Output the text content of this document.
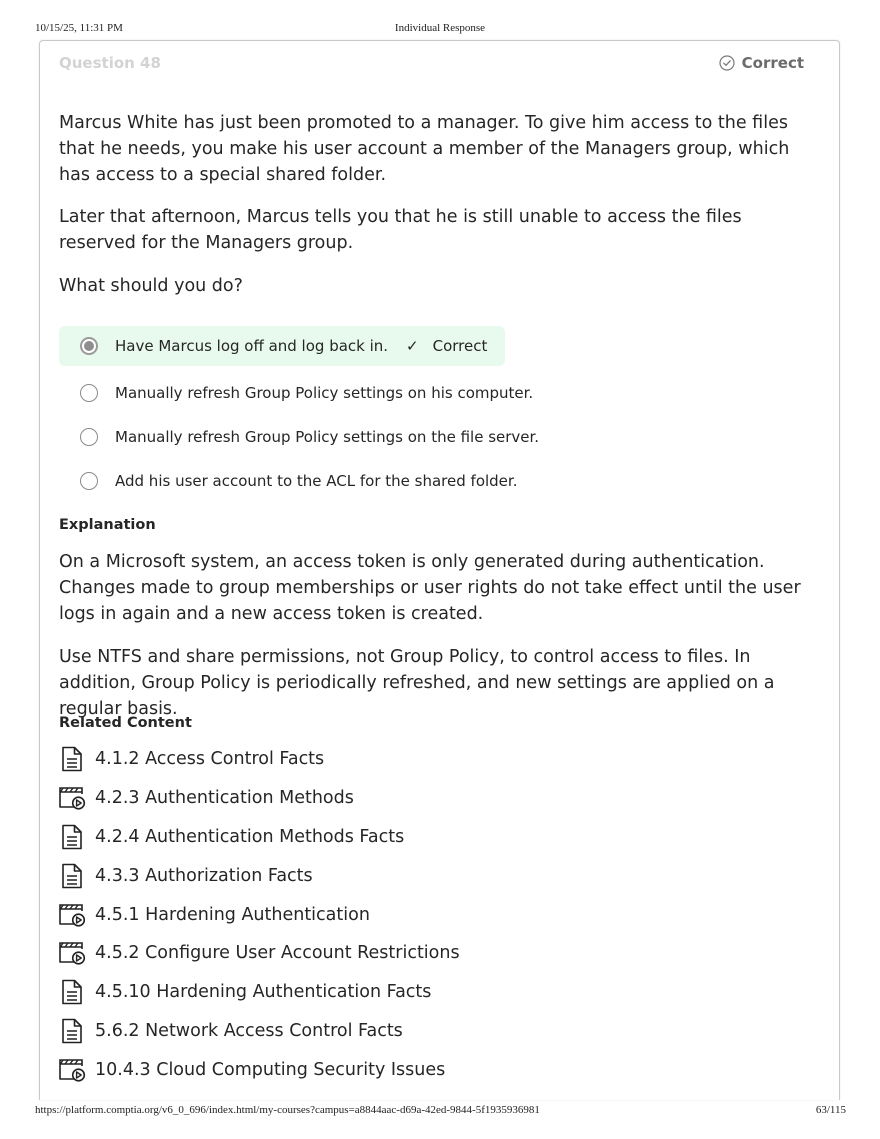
10/15/25, 11:31 PM	Individual Response
Question 48	Correct

Marcus White has just been promoted to a manager. To give him access to the files that he needs, you make his user account a member of the Managers group, which has access to a special shared folder.

Later that afternoon, Marcus tells you that he is still unable to access the files reserved for the Managers group.

What should you do?

Have Marcus log off and log back in. ✓ Correct
Manually refresh Group Policy settings on his computer.
Manually refresh Group Policy settings on the file server.
Add his user account to the ACL for the shared folder.
Explanation

On a Microsoft system, an access token is only generated during authentication. Changes made to group memberships or user rights do not take effect until the user logs in again and a new access token is created.

Use NTFS and share permissions, not Group Policy, to control access to files. In addition, Group Policy is periodically refreshed, and new settings are applied on a regular basis.

Related Content
4.1.2 Access Control Facts
4.2.3 Authentication Methods
4.2.4 Authentication Methods Facts
4.3.3 Authorization Facts
4.5.1 Hardening Authentication
4.5.2 Configure User Account Restrictions
4.5.10 Hardening Authentication Facts
5.6.2 Network Access Control Facts
10.4.3 Cloud Computing Security Issues
https://platform.comptia.org/v6_0_696/index.html/my-courses?campus=a8844aac-d69a-42ed-9844-5f1935936981	63/115
